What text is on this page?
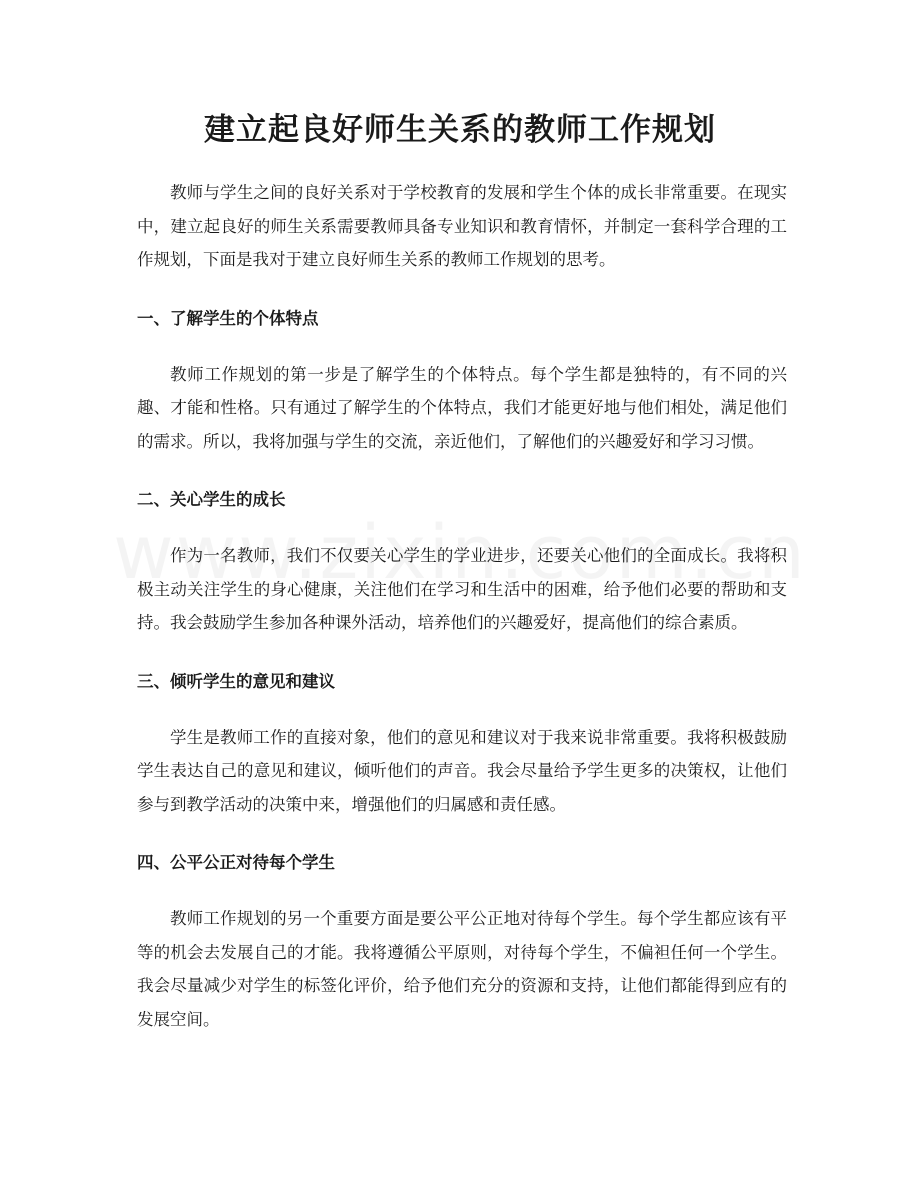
建立起良好师生关系的教师工作规划

教师与学生之间的良好关系对于学校教育的发展和学生个体的成长非常重要。在现实中，建立起良好的师生关系需要教师具备专业知识和教育情怀，并制定一套科学合理的工作规划，下面是我对于建立良好师生关系的教师工作规划的思考。

一、了解学生的个体特点

教师工作规划的第一步是了解学生的个体特点。每个学生都是独特的，有不同的兴趣、才能和性格。只有通过了解学生的个体特点，我们才能更好地与他们相处，满足他们的需求。所以，我将加强与学生的交流，亲近他们，了解他们的兴趣爱好和学习习惯。

二、关心学生的成长

作为一名教师，我们不仅要关心学生的学业进步，还要关心他们的全面成长。我将积极主动关注学生的身心健康，关注他们在学习和生活中的困难，给予他们必要的帮助和支持。我会鼓励学生参加各种课外活动，培养他们的兴趣爱好，提高他们的综合素质。

三、倾听学生的意见和建议

学生是教师工作的直接对象，他们的意见和建议对于我来说非常重要。我将积极鼓励学生表达自己的意见和建议，倾听他们的声音。我会尽量给予学生更多的决策权，让他们参与到教学活动的决策中来，增强他们的归属感和责任感。

四、公平公正对待每个学生

教师工作规划的另一个重要方面是要公平公正地对待每个学生。每个学生都应该有平等的机会去发展自己的才能。我将遵循公平原则，对待每个学生，不偏袒任何一个学生。我会尽量减少对学生的标签化评价，给予他们充分的资源和支持，让他们都能得到应有的发展空间。
